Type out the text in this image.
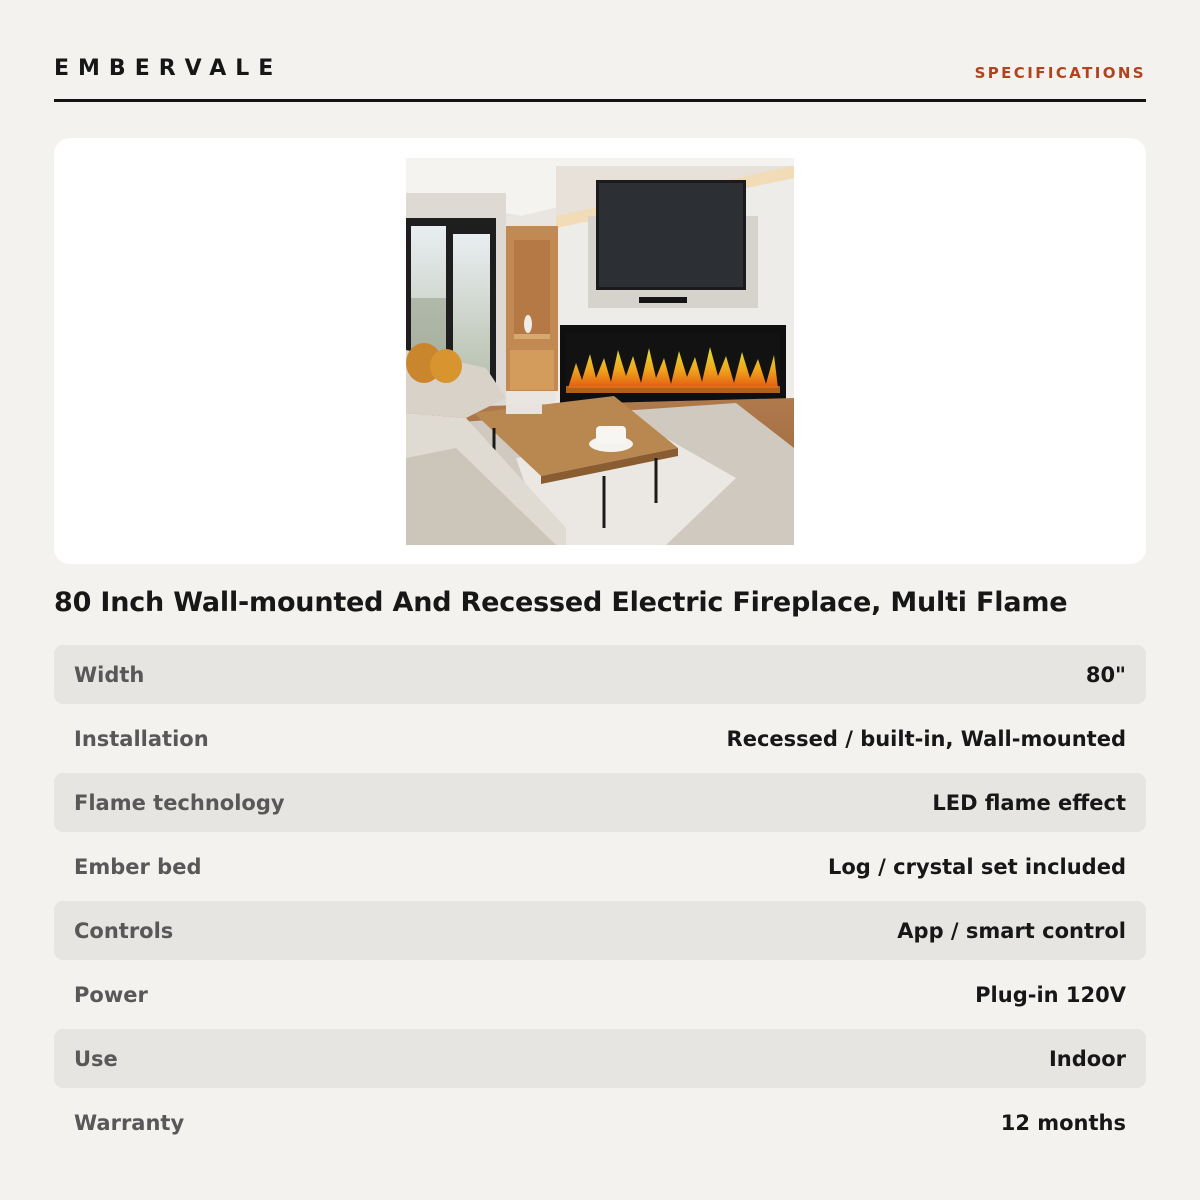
EMBERVALE	SPECIFICATIONS
80 Inch Wall-mounted And Recessed Electric Fireplace, Multi Flame
Width	80"
Installation	Recessed / built-in, Wall-mounted
Flame technology	LED flame effect
Ember bed	Log / crystal set included
Controls	App / smart control
Power	Plug-in 120V
Use	Indoor
Warranty	12 months
